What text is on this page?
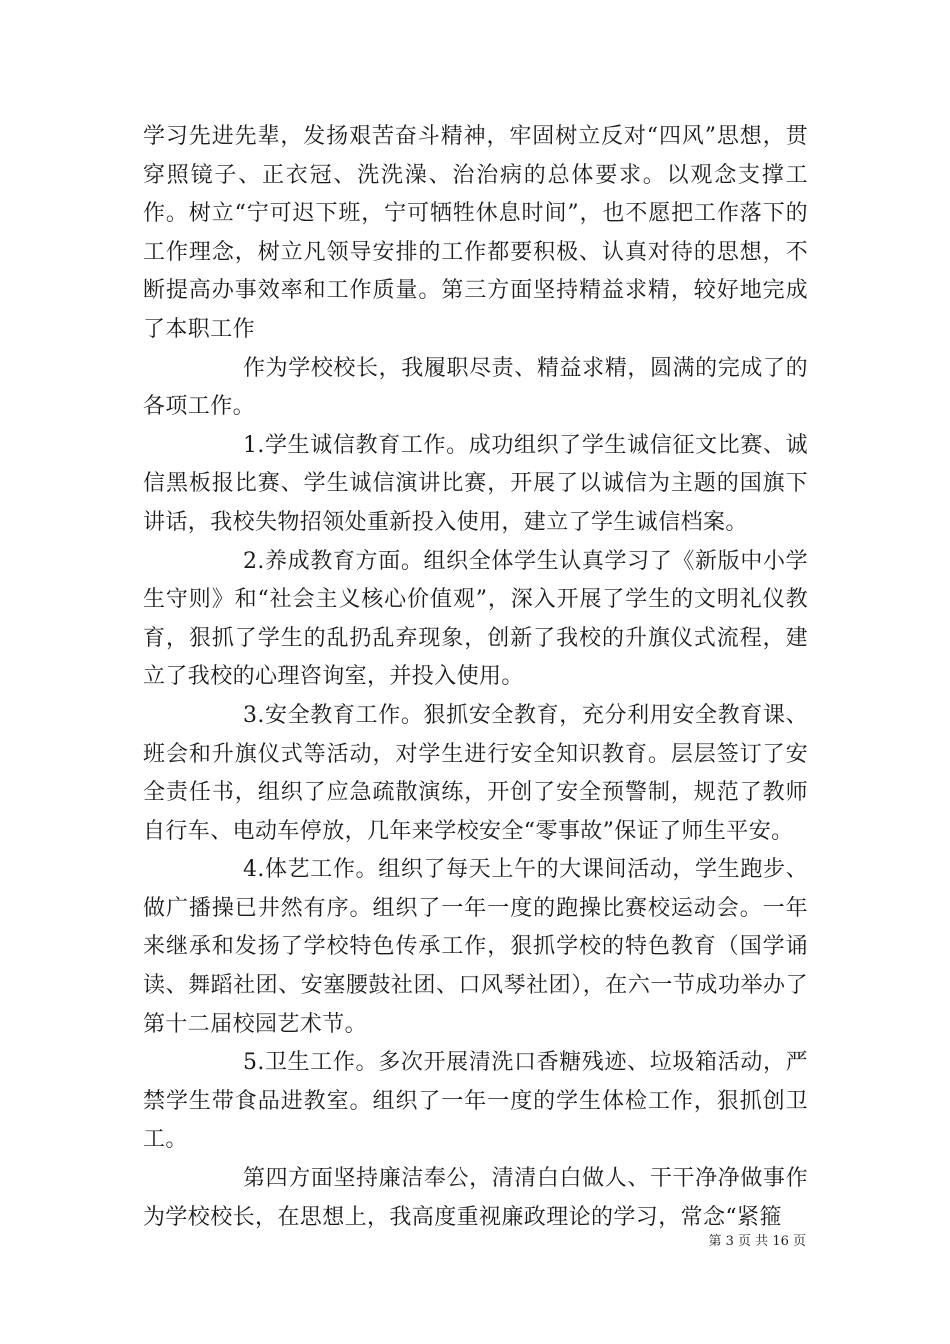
学习先进先辈，发扬艰苦奋斗精神，牢固树立反对“四风”思想，贯穿照镜子、正衣冠、洗洗澡、治治病的总体要求。以观念支撑工作。树立“宁可迟下班，宁可牺牲休息时间”，也不愿把工作落下的工作理念，树立凡领导安排的工作都要积极、认真对待的思想，不断提高办事效率和工作质量。第三方面坚持精益求精，较好地完成了本职工作

作为学校校长，我履职尽责、精益求精，圆满的完成了的各项工作。

1.学生诚信教育工作。成功组织了学生诚信征文比赛、诚信黑板报比赛、学生诚信演讲比赛，开展了以诚信为主题的国旗下讲话，我校失物招领处重新投入使用，建立了学生诚信档案。

2.养成教育方面。组织全体学生认真学习了《新版中小学生守则》和“社会主义核心价值观”，深入开展了学生的文明礼仪教育，狠抓了学生的乱扔乱弃现象，创新了我校的升旗仪式流程，建立了我校的心理咨询室，并投入使用。

3.安全教育工作。狠抓安全教育，充分利用安全教育课、班会和升旗仪式等活动，对学生进行安全知识教育。层层签订了安全责任书，组织了应急疏散演练，开创了安全预警制，规范了教师自行车、电动车停放，几年来学校安全“零事故”保证了师生平安。

4.体艺工作。组织了每天上午的大课间活动，学生跑步、做广播操已井然有序。组织了一年一度的跑操比赛校运动会。一年来继承和发扬了学校特色传承工作，狠抓学校的特色教育（国学诵读、舞蹈社团、安塞腰鼓社团、口风琴社团），在六一节成功举办了第十二届校园艺术节。

5.卫生工作。多次开展清洗口香糖残迹、垃圾箱活动，严禁学生带食品进教室。组织了一年一度的学生体检工作，狠抓创卫工。

第四方面坚持廉洁奉公，清清白白做人、干干净净做事作为学校校长，在思想上，我高度重视廉政理论的学习，常念“紧箍

第 3 页 共 16 页
